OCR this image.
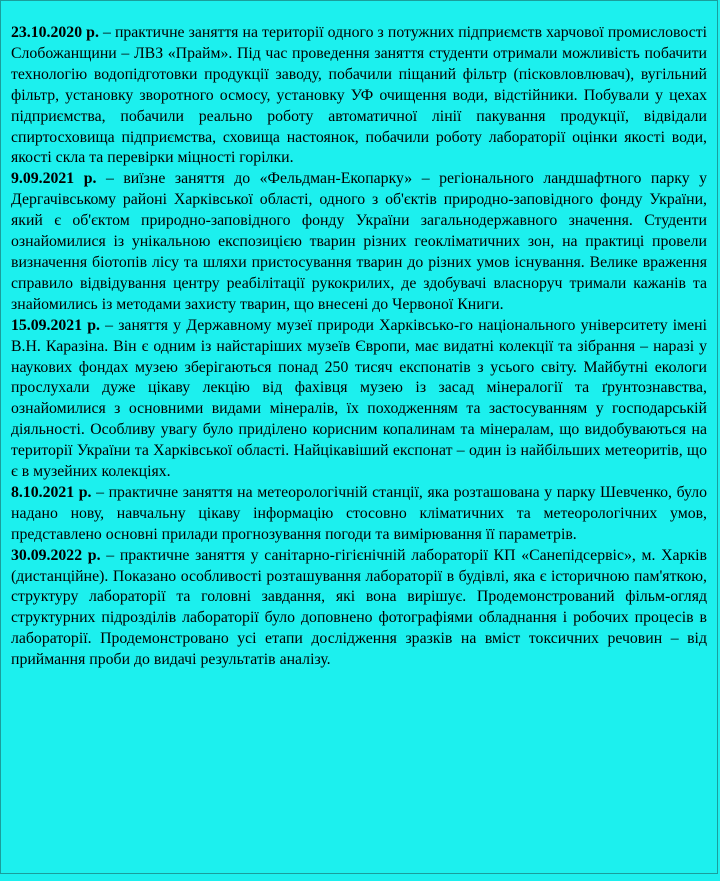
23.10.2020 р. – практичне заняття на території одного з потужних підприємств харчової промисловості Слобожанщини – ЛВЗ «Прайм». Під час проведення заняття студенти отримали можливість побачити технологію водопідготовки продукції заводу, побачили піщаний фільтр (пісковловлювач), вугільний фільтр, установку зворотного осмосу, установку УФ очищення води, відстійники. Побували у цехах підприємства, побачили реально роботу автоматичної лінії пакування продукції, відвідали спиртосховища підприємства, сховища настоянок, побачили роботу лабораторії оцінки якості води, якості скла та перевірки міцності горілки.

9.09.2021 р. – виїзне заняття до «Фельдман-Екопарку» – регіонального ландшафтного парку у Дергачівському районі Харківської області, одного з об'єктів природно-заповідного фонду України, який є об'єктом природно-заповідного фонду України загальнодержавного значення. Студенти ознайомилися із унікальною експозицією тварин різних геокліматичних зон, на практиці провели визначення біотопів лісу та шляхи пристосування тварин до різних умов існування. Велике враження справило відвідування центру реабілітації рукокрилих, де здобувачі власноруч тримали кажанів та знайомились із методами захисту тварин, що внесені до Червоної Книги.

15.09.2021 р. – заняття у Державному музеї природи Харківсько-го національного університету імені В.Н. Каразіна. Він є одним із найстаріших музеїв Європи, має видатні колекції та зібрання – наразі у наукових фондах музею зберігаються понад 250 тисяч експонатів з усього світу. Майбутні екологи прослухали дуже цікаву лекцію від фахівця музею із засад мінералогії та ґрунтознавства, ознайомилися з основними видами мінералів, їх походженням та застосуванням у господарській діяльності. Особливу увагу було приділено корисним копалинам та мінералам, що видобуваються на території України та Харківської області. Найцікавіший експонат – один із найбільших метеоритів, що є в музейних колекціях.

8.10.2021 р. – практичне заняття на метеорологічній станції, яка розташована у парку Шевченко, було надано нову, навчальну цікаву інформацію стосовно кліматичних та метеорологічних умов, представлено основні прилади прогнозування погоди та вимірювання її параметрів.

30.09.2022 р. – практичне заняття у санітарно-гігієнічній лабораторії КП «Санепідсервіс», м. Харків (дистанційне). Показано особливості розташування лабораторії в будівлі, яка є історичною пам'яткою, структуру лабораторії та головні завдання, які вона вирішує. Продемонстрований фільм-огляд структурних підрозділів лабораторії було доповнено фотографіями обладнання і робочих процесів в лабораторії. Продемонстровано усі етапи дослідження зразків на вміст токсичних речовин – від приймання проби до видачі результатів аналізу.
